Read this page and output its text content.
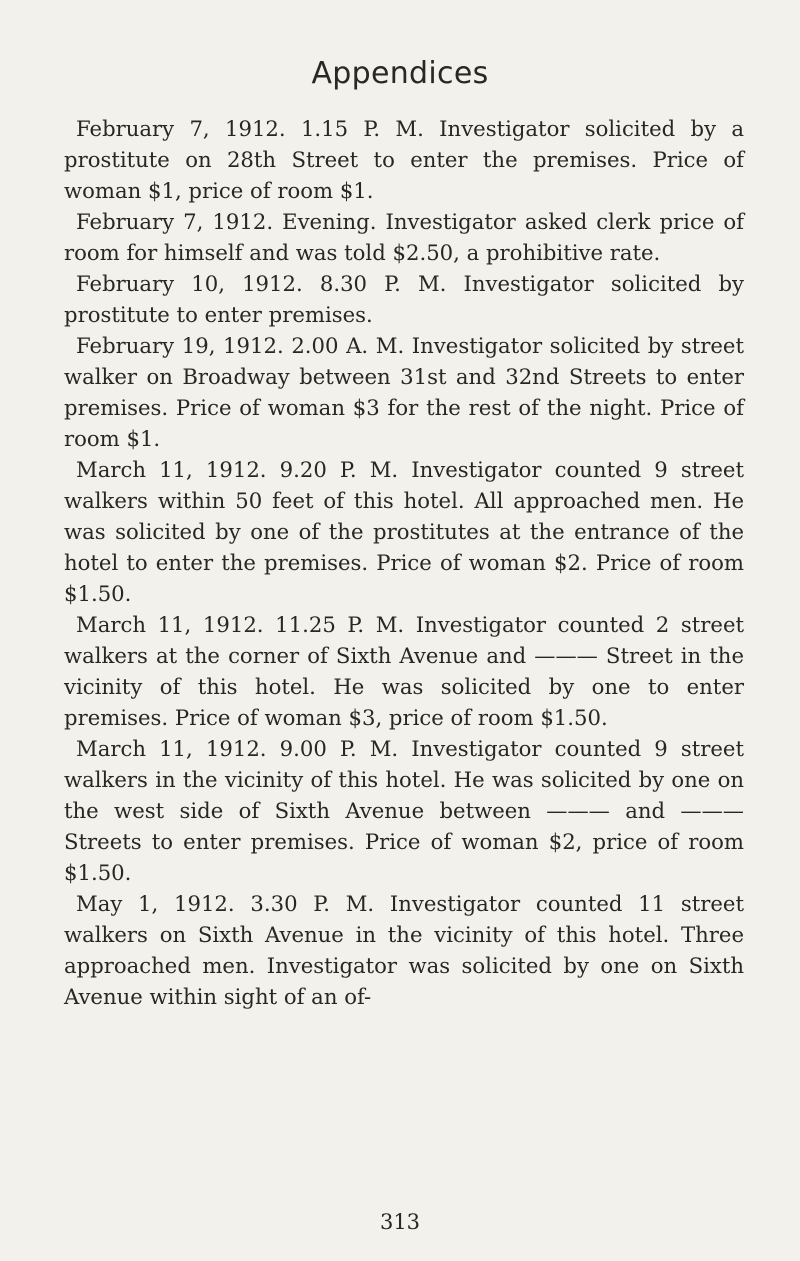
Appendices

February 7, 1912. 1.15 P. M. Investigator solicited by a prostitute on 28th Street to enter the premises. Price of woman $1, price of room $1.

February 7, 1912. Evening. Investigator asked clerk price of room for himself and was told $2.50, a prohibitive rate.

February 10, 1912. 8.30 P. M. Investigator solicited by prostitute to enter premises.

February 19, 1912. 2.00 A. M. Investigator solicited by street walker on Broadway between 31st and 32nd Streets to enter premises. Price of woman $3 for the rest of the night. Price of room $1.

March 11, 1912. 9.20 P. M. Investigator counted 9 street walkers within 50 feet of this hotel. All approached men. He was solicited by one of the prostitutes at the entrance of the hotel to enter the premises. Price of woman $2. Price of room $1.50.

March 11, 1912. 11.25 P. M. Investigator counted 2 street walkers at the corner of Sixth Avenue and ——— Street in the vicinity of this hotel. He was solicited by one to enter premises. Price of woman $3, price of room $1.50.

March 11, 1912. 9.00 P. M. Investigator counted 9 street walkers in the vicinity of this hotel. He was solicited by one on the west side of Sixth Avenue between ——— and ——— Streets to enter premises. Price of woman $2, price of room $1.50.

May 1, 1912. 3.30 P. M. Investigator counted 11 street walkers on Sixth Avenue in the vicinity of this hotel. Three approached men. Investigator was solicited by one on Sixth Avenue within sight of an of-

313
